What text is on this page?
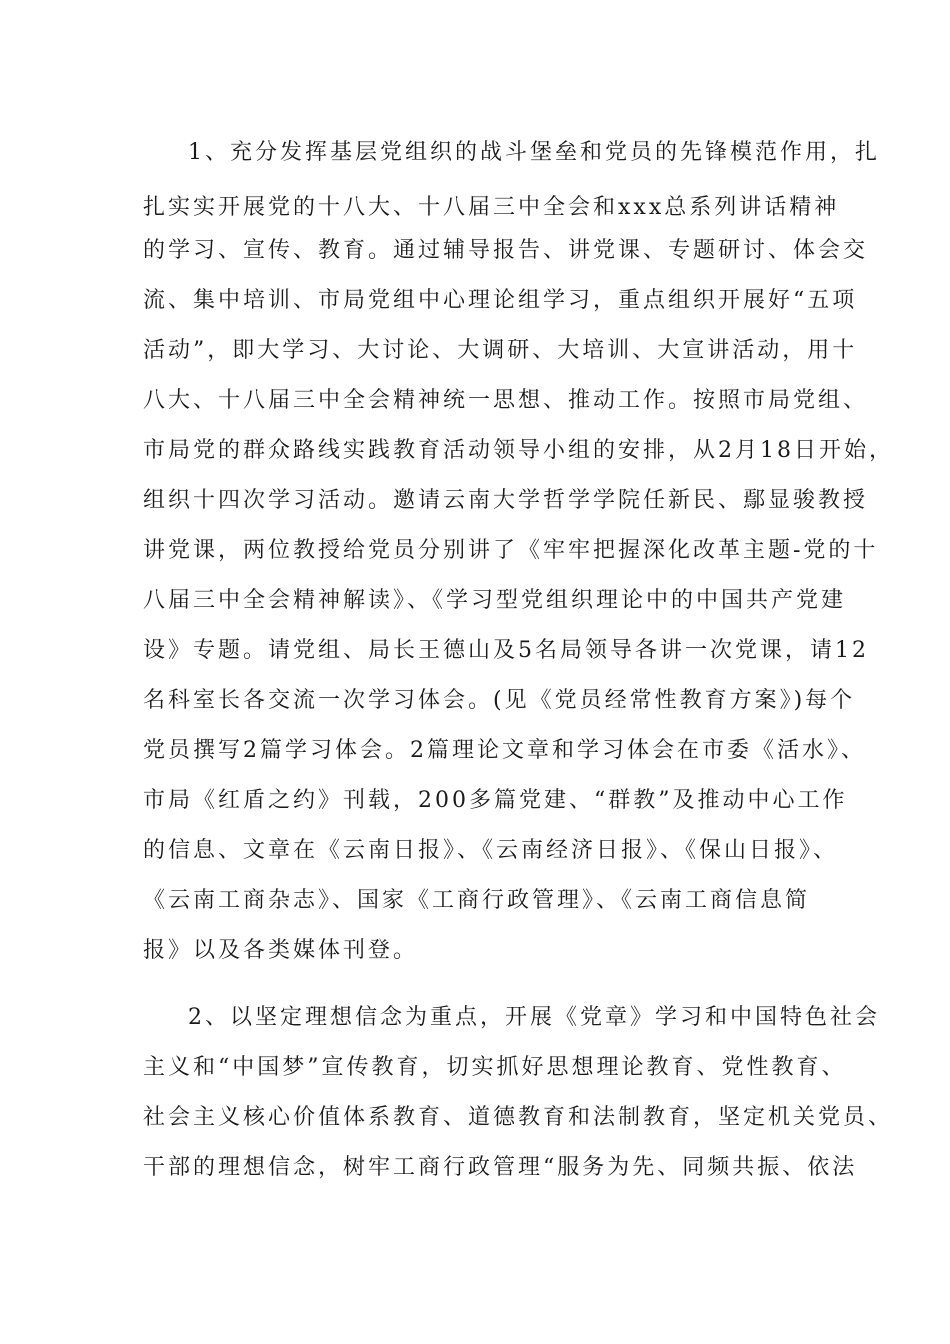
1、充分发挥基层党组织的战斗堡垒和党员的先锋模范作用，扎

扎实实开展党的十八大、十八届三中全会和xxx总系列讲话精神

的学习、宣传、教育。通过辅导报告、讲党课、专题研讨、体会交

流、集中培训、市局党组中心理论组学习，重点组织开展好“五项

活动”，即大学习、大讨论、大调研、大培训、大宣讲活动，用十

八大、十八届三中全会精神统一思想、推动工作。按照市局党组、

市局党的群众路线实践教育活动领导小组的安排，从2月18日开始，

组织十四次学习活动。邀请云南大学哲学学院任新民、鄢显骏教授

讲党课，两位教授给党员分别讲了《牢牢把握深化改革主题-党的十

八届三中全会精神解读》、《学习型党组织理论中的中国共产党建

设》专题。请党组、局长王德山及5名局领导各讲一次党课，请12

名科室长各交流一次学习体会。(见《党员经常性教育方案》)每个

党员撰写2篇学习体会。2篇理论文章和学习体会在市委《活水》、

市局《红盾之约》刊载，200多篇党建、“群教”及推动中心工作

的信息、文章在《云南日报》、《云南经济日报》、《保山日报》、

《云南工商杂志》、国家《工商行政管理》、《云南工商信息简

报》以及各类媒体刊登。

2、以坚定理想信念为重点，开展《党章》学习和中国特色社会

主义和“中国梦”宣传教育，切实抓好思想理论教育、党性教育、

社会主义核心价值体系教育、道德教育和法制教育，坚定机关党员、

干部的理想信念，树牢工商行政管理“服务为先、同频共振、依法
